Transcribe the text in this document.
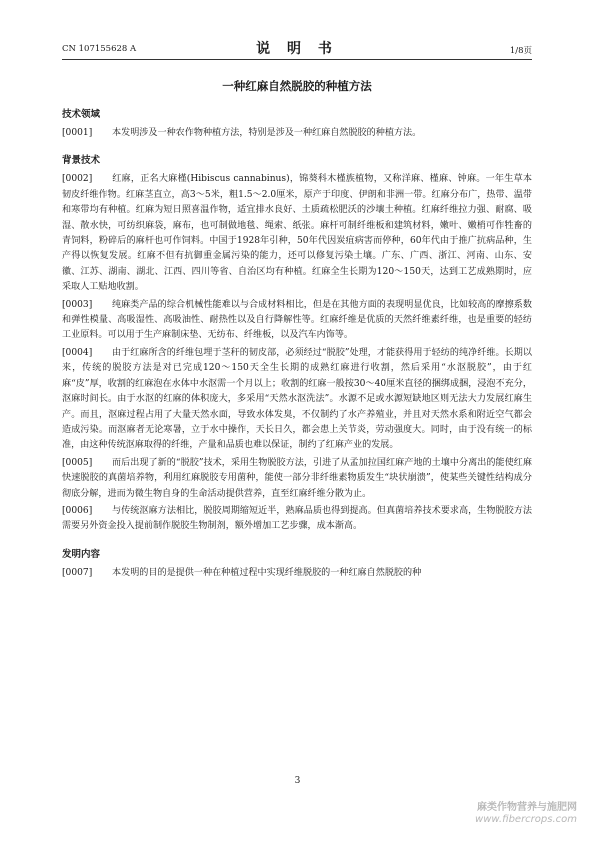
CN 107155628 A	说 明 书	1/8页
一种红麻自然脱胶的种植方法
技术领域

[0001] 本发明涉及一种农作物种植方法，特别是涉及一种红麻自然脱胶的种植方法。

背景技术

[0002] 红麻，正名大麻槿(Hibiscus cannabinus)，锦葵科木槿族植物，又称洋麻、槿麻、钟麻。一年生草本韧皮纤维作物。红麻茎直立，高3～5米，粗1.5～2.0厘米，原产于印度、伊朗和非洲一带。红麻分布广，热带、温带和寒带均有种植。红麻为短日照喜温作物，适宜排水良好、土质疏松肥沃的沙壤土种植。红麻纤维拉力强、耐腐、吸湿、散水快，可纺织麻袋，麻布，也可制做地毯、绳索、纸张。麻杆可制纤维板和建筑材料，嫩叶、嫩梢可作牲畜的青饲料，粉碎后的麻杆也可作饲料。中国于1928年引种，50年代因炭疽病害而停种，60年代由于推广抗病品种，生产得以恢复发展。红麻不但有抗御重金属污染的能力，还可以修复污染土壤。广东、广西、浙江、河南、山东、安徽、江苏、湖南、湖北、江西、四川等省、自治区均有种植。红麻全生长期为120～150天，达到工艺成熟期时，应采取人工贴地收割。

[0003] 纯麻类产品的综合机械性能难以与合成材料相比，但是在其他方面的表现明显优良，比如较高的摩擦系数和弹性模量、高吸湿性、高吸油性、耐热性以及自行降解性等。红麻纤维是优质的天然纤维素纤维，也是重要的轻纺工业原料。可以用于生产麻制床垫、无纺布、纤维板，以及汽车内饰等。

[0004] 由于红麻所含的纤维包埋于茎秆的韧皮部，必须经过“脱胶”处理，才能获得用于轻纺的纯净纤维。长期以来，传统的脱胶方法是对已完成120～150天全生长期的成熟红麻进行收割，然后采用“水沤脱胶”，由于红麻“皮”厚，收割的红麻泡在水体中水沤需一个月以上；收割的红麻一般按30～40厘米直径的捆绑成捆，浸泡不充分，沤麻时间长。由于水沤的红麻的体积庞大，多采用“天然水沤洗法”。水源不足或水源短缺地区则无法大力发展红麻生产。而且，沤麻过程占用了大量天然水面，导致水体发臭，不仅制约了水产养殖业，并且对天然水系和附近空气都会造成污染。而沤麻者无论寒暑，立于水中操作，天长日久，都会患上关节炎，劳动强度大。同时，由于没有统一的标准，由这种传统沤麻取得的纤维，产量和品质也难以保证，制约了红麻产业的发展。

[0005] 而后出现了新的“脱胶”技术，采用生物脱胶方法，引进了从孟加拉国红麻产地的土壤中分离出的能使红麻快速脱胶的真菌培养物，利用红麻脱胶专用菌种，能使一部分非纤维素物质发生“块状崩溃”，使某些关键性结构成分彻底分解，进而为微生物自身的生命活动提供营养，直至红麻纤维分散为止。

[0006] 与传统沤麻方法相比，脱胶周期缩短近半，熟麻品质也得到提高。但真菌培养技术要求高，生物脱胶方法需要另外资金投入提前制作脱胶生物制剂，额外增加工艺步骤，成本渐高。

发明内容

[0007] 本发明的目的是提供一种在种植过程中实现纤维脱胶的一种红麻自然脱胶的种

3
麻类作物营养与施肥网
www.fibercrops.com
